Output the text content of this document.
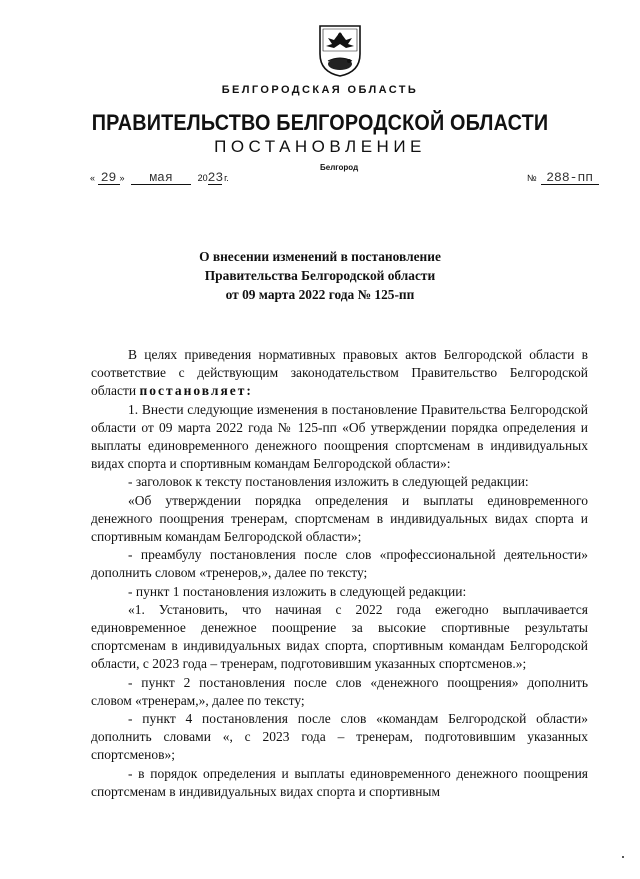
БЕЛГОРОДСКАЯ ОБЛАСТЬ
ПРАВИТЕЛЬСТВО БЕЛГОРОДСКОЙ ОБЛАСТИ
ПОСТАНОВЛЕНИЕ
Белгород
« 29 » мая	2023 г.	№ 288-пп
О внесении изменений в постановление
Правительства Белгородской области
от 09 марта 2022 года № 125-пп

В целях приведения нормативных правовых актов Белгородской области в соответствие с действующим законодательством Правительство Белгородской области постановляет:

1. Внести следующие изменения в постановление Правительства Белгородской области от 09 марта 2022 года № 125-пп «Об утверждении порядка определения и выплаты единовременного денежного поощрения спортсменам в индивидуальных видах спорта и спортивным командам Белгородской области»:

- заголовок к тексту постановления изложить в следующей редакции:

«Об утверждении порядка определения и выплаты единовременного денежного поощрения тренерам, спортсменам в индивидуальных видах спорта и спортивным командам Белгородской области»;

- преамбулу постановления после слов «профессиональной деятельности» дополнить словом «тренеров,», далее по тексту;

- пункт 1 постановления изложить в следующей редакции:

«1. Установить, что начиная с 2022 года ежегодно выплачивается единовременное денежное поощрение за высокие спортивные результаты спортсменам в индивидуальных видах спорта, спортивным командам Белгородской области, с 2023 года – тренерам, подготовившим указанных спортсменов.»;

- пункт 2 постановления после слов «денежного поощрения» дополнить словом «тренерам,», далее по тексту;

- пункт 4 постановления после слов «командам Белгородской области» дополнить словами «, с 2023 года – тренерам, подготовившим указанных спортсменов»;

- в порядок определения и выплаты единовременного денежного поощрения спортсменам в индивидуальных видах спорта и спортивным
